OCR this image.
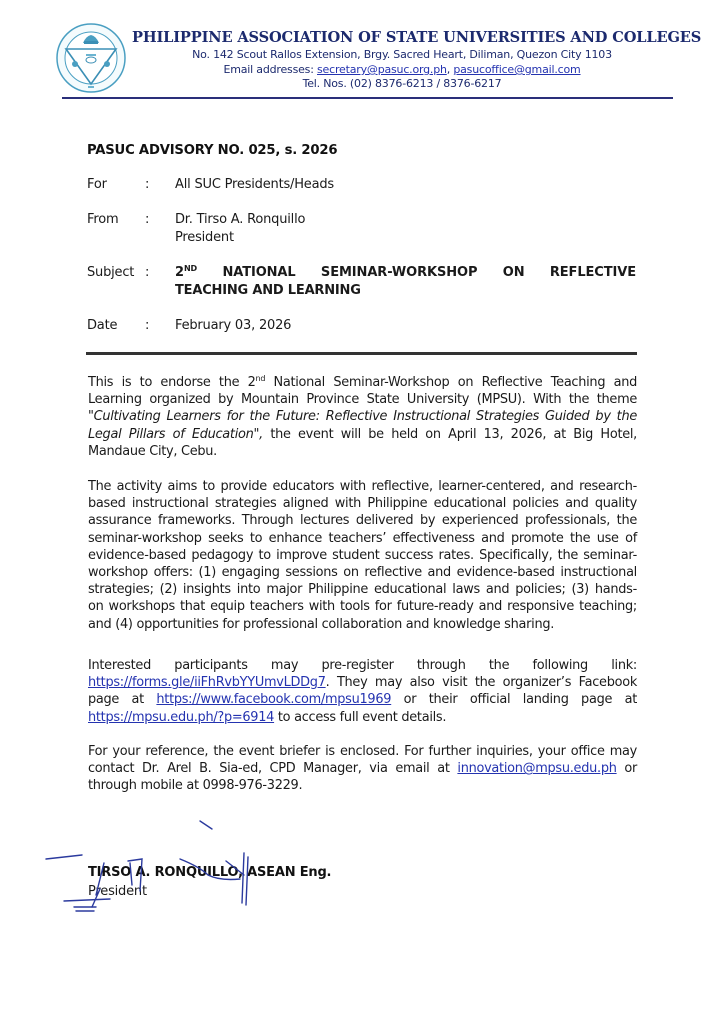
PHILIPPINE ASSOCIATION OF STATE UNIVERSITIES AND COLLEGES
No. 142 Scout Rallos Extension, Brgy. Sacred Heart, Diliman, Quezon City 1103
Email addresses: secretary@pasuc.org.ph, pasucoffice@gmail.com
Tel. Nos. (02) 8376-6213 / 8376-6217
PASUC ADVISORY NO. 025, s. 2026
For	: All SUC Presidents/Heads
From : Dr. Tirso A. Ronquillo
President
Subject : 2ND NATIONAL SEMINAR-WORKSHOP ON REFLECTIVE
TEACHING AND LEARNING
Date : February 03, 2026
This is to endorse the 2nd National Seminar-Workshop on Reflective Teaching and
Learning organized by Mountain Province State University (MPSU). With the theme
"Cultivating Learners for the Future: Reflective Instructional Strategies Guided by the
Legal Pillars of Education", the event will be held on April 13, 2026, at Big Hotel,
Mandaue City, Cebu.
The activity aims to provide educators with reflective, learner-centered, and research-
based instructional strategies aligned with Philippine educational policies and quality
assurance frameworks. Through lectures delivered by experienced professionals, the
seminar-workshop seeks to enhance teachers’ effectiveness and promote the use of
evidence-based pedagogy to improve student success rates. Specifically, the seminar-
workshop offers: (1) engaging sessions on reflective and evidence-based instructional
strategies; (2) insights into major Philippine educational laws and policies; (3) hands-
on workshops that equip teachers with tools for future-ready and responsive teaching;
and (4) opportunities for professional collaboration and knowledge sharing.
Interested participants may pre-register through the following link:
https://forms.gle/iiFhRvbYYUmvLDDg7. They may also visit the organizer’s Facebook
page at https://www.facebook.com/mpsu1969 or their official landing page at
https://mpsu.edu.ph/?p=6914 to access full event details.
For your reference, the event briefer is enclosed. For further inquiries, your office may
contact Dr. Arel B. Sia-ed, CPD Manager, via email at innovation@mpsu.edu.ph or
through mobile at 0998-976-3229.
TIRSO A. RONQUILLO, ASEAN Eng.
President
